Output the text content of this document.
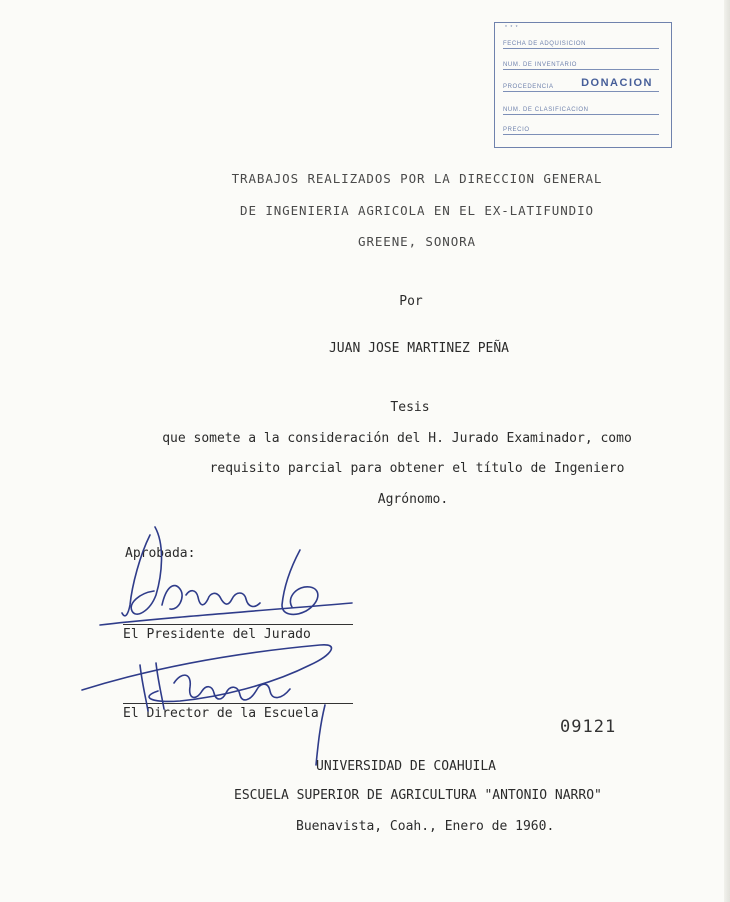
* * *
FECHA DE ADQUISICION
NUM. DE INVENTARIO
PROCEDENCIA	DONACION
NUM. DE CLASIFICACION
PRECIO

TRABAJOS REALIZADOS POR LA DIRECCION GENERAL

DE INGENIERIA AGRICOLA EN EL EX-LATIFUNDIO

GREENE, SONORA

Por

JUAN JOSE MARTINEZ PEÑA

Tesis

que somete a la consideración del H. Jurado Examinador, como

requisito parcial para obtener el título de Ingeniero

Agrónomo.

Aprobada:

El Presidente del Jurado

El Director de la Escuela

09121

UNIVERSIDAD DE COAHUILA

ESCUELA SUPERIOR DE AGRICULTURA "ANTONIO NARRO"

Buenavista, Coah., Enero de 1960.
